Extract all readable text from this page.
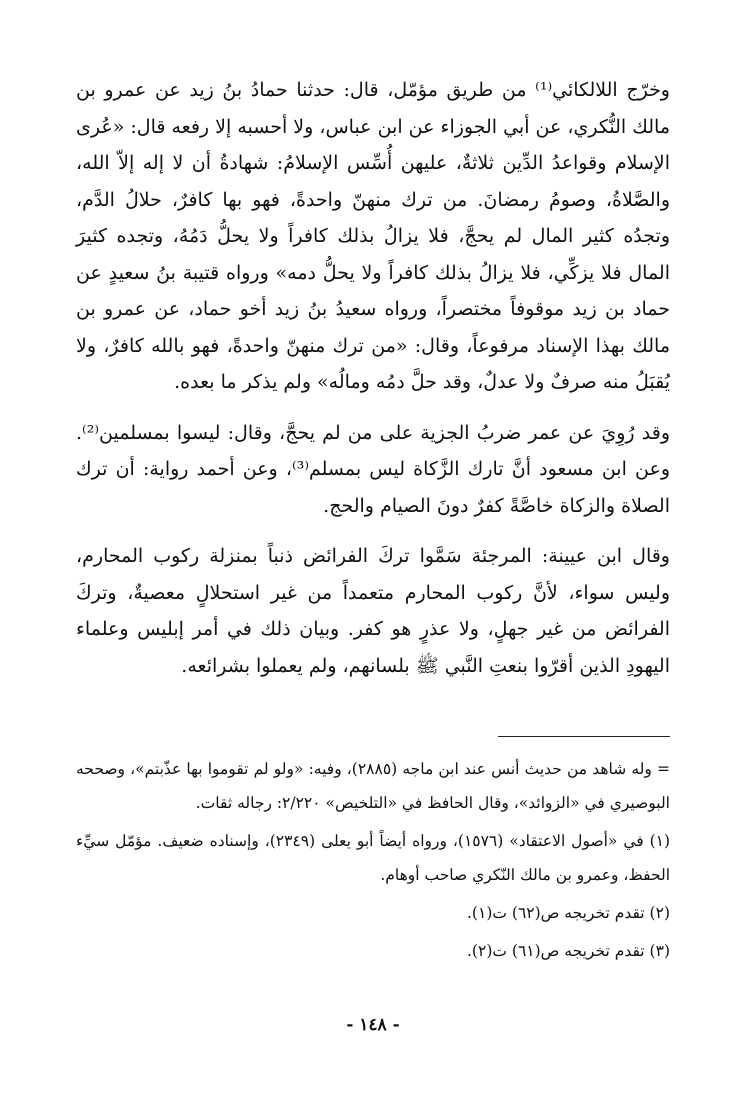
وخرّج اللالكائي⁽¹⁾ من طريق مؤمّل، قال: حدثنا حمادُ بنُ زيد عن عمرو بن مالك النُّكري، عن أبي الجوزاء عن ابن عباس، ولا أحسبه إلا رفعه قال: «عُرى الإسلام وقواعدُ الدِّين ثلاثةٌ، عليهن أُسِّس الإسلامُ: شهادةُ أن لا إله إلاّ الله، والصَّلاةُ، وصومُ رمضانَ. من ترك منهنّ واحدةً، فهو بها كافرٌ، حلالُ الدَّم، وتجدُه كثير المال لم يحجَّ، فلا يزالُ بذلك كافراً ولا يحلُّ دَمُهُ، وتجده كثيرَ المال فلا يزكِّي، فلا يزالُ بذلك كافراً ولا يحلُّ دمه» ورواه قتيبة بنُ سعيدٍ عن حماد بن زيد موقوفاً مختصراً، ورواه سعيدُ بنُ زيد أخو حماد، عن عمرو بن مالك بهذا الإسناد مرفوعاً، وقال: «من ترك منهنّ واحدةً، فهو بالله كافرٌ، ولا يُقبَلُ منه صرفٌ ولا عدلٌ، وقد حلَّ دمُه ومالُه» ولم يذكر ما بعده.

وقد رُوِيَ عن عمر ضربُ الجزية على من لم يحجَّ، وقال: ليسوا بمسلمين⁽²⁾. وعن ابن مسعود أنَّ تارك الزَّكاة ليس بمسلم⁽³⁾، وعن أحمد رواية: أن ترك الصلاة والزكاة خاصَّةً كفرٌ دونَ الصيام والحج.

وقال ابن عيينة: المرجئة سَمَّوا تركَ الفرائض ذنباً بمنزلة ركوب المحارم، وليس سواء، لأنَّ ركوب المحارم متعمداً من غير استحلالٍ معصيةٌ، وتركَ الفرائض من غير جهلٍ، ولا عذرٍ هو كفر. وبيان ذلك في أمر إبليس وعلماء اليهودِ الذين أقرّوا بنعتِ النَّبي ﷺ بلسانهم، ولم يعملوا بشرائعه.

= وله شاهد من حديث أنس عند ابن ماجه (٢٨٨٥)، وفيه: «ولو لم تقوموا بها عذّبتم»، وصححه البوصيري في «الزوائد»، وقال الحافظ في «التلخيص» ٢/٢٢٠: رجاله ثقات.

(١) في «أصول الاعتقاد» (١٥٧٦)، ورواه أيضاً أبو يعلى (٢٣٤٩)، وإسناده ضعيف. مؤمّل سيِّء الحفظ، وعمرو بن مالك النّكري صاحب أوهام.

(٢) تقدم تخريجه ص(٦٢) ت(١).

(٣) تقدم تخريجه ص(٦١) ت(٢).

- ١٤٨ -
